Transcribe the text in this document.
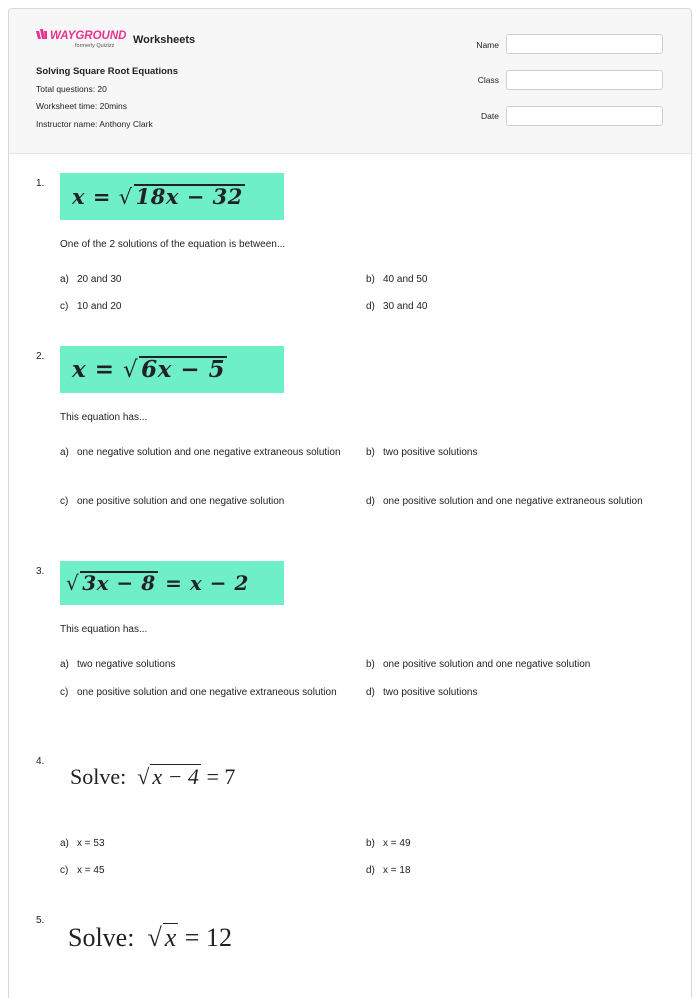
WAYGROUND
formerly Quizizz Worksheets
Solving Square Root Equations
Total questions: 20
Worksheet time: 20mins
Instructor name: Anthony Clark
Name
Class
Date
1.
x = √ 18x − 32
One of the 2 solutions of the equation is between...
a) 20 and 30	b) 40 and 50
c) 10 and 20	d) 30 and 40
2.	x = √ 6x − 5
This equation has...
a) one negative solution and one negative extraneous solution	b) two positive solutions
c) one positive solution and one negative solution	d) one positive solution and one negative extraneous solution
3.	√ 3x − 8 = x − 2
This equation has...
a) two negative solutions	b) one positive solution and one negative solution
c) one positive solution and one negative extraneous solution	d) two positive solutions
4.
Solve: √ x − 4 = 7
a) x = 53	b) x = 49
c) x = 45	d) x = 18
5.
Solve: √ x = 12
